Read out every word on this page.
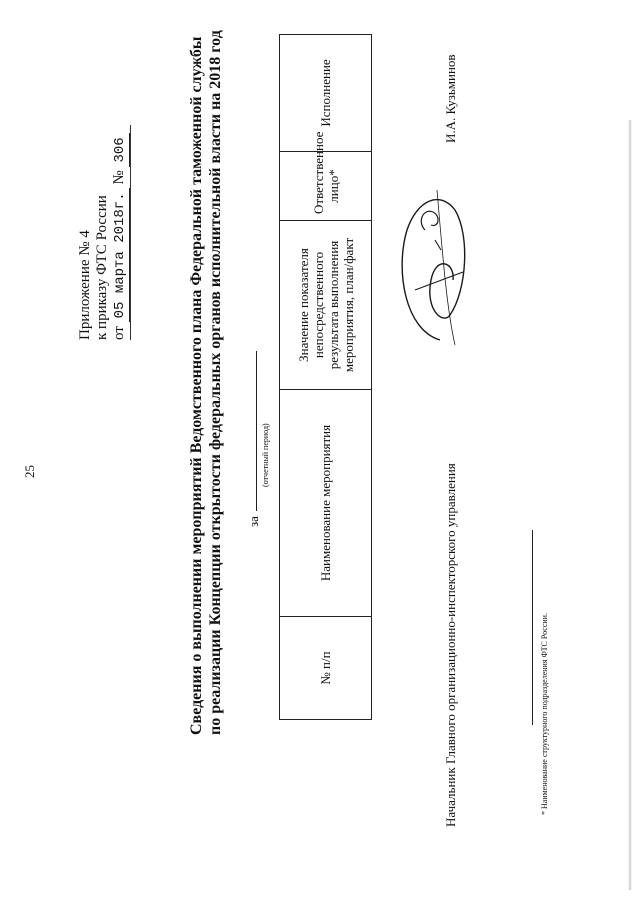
25
Приложение № 4 к приказу ФТС России от 05 марта 2018г. № 306	Сведения о выполнении мероприятий Ведомственного плана Федеральной таможенной службы по реализации Концепции открытости федеральных органов исполнительной власти на 2018 год за
(отчетный период)
№ п/п	Наименование мероприятия	Значение показателя непосредственного результата выполнения мероприятия, план/факт	Ответственное лицо*	Исполнение
Начальник Главного организационно-инспекторского управления
И.А. Кузьминов
* Наименование структурного подразделения ФТС России.
